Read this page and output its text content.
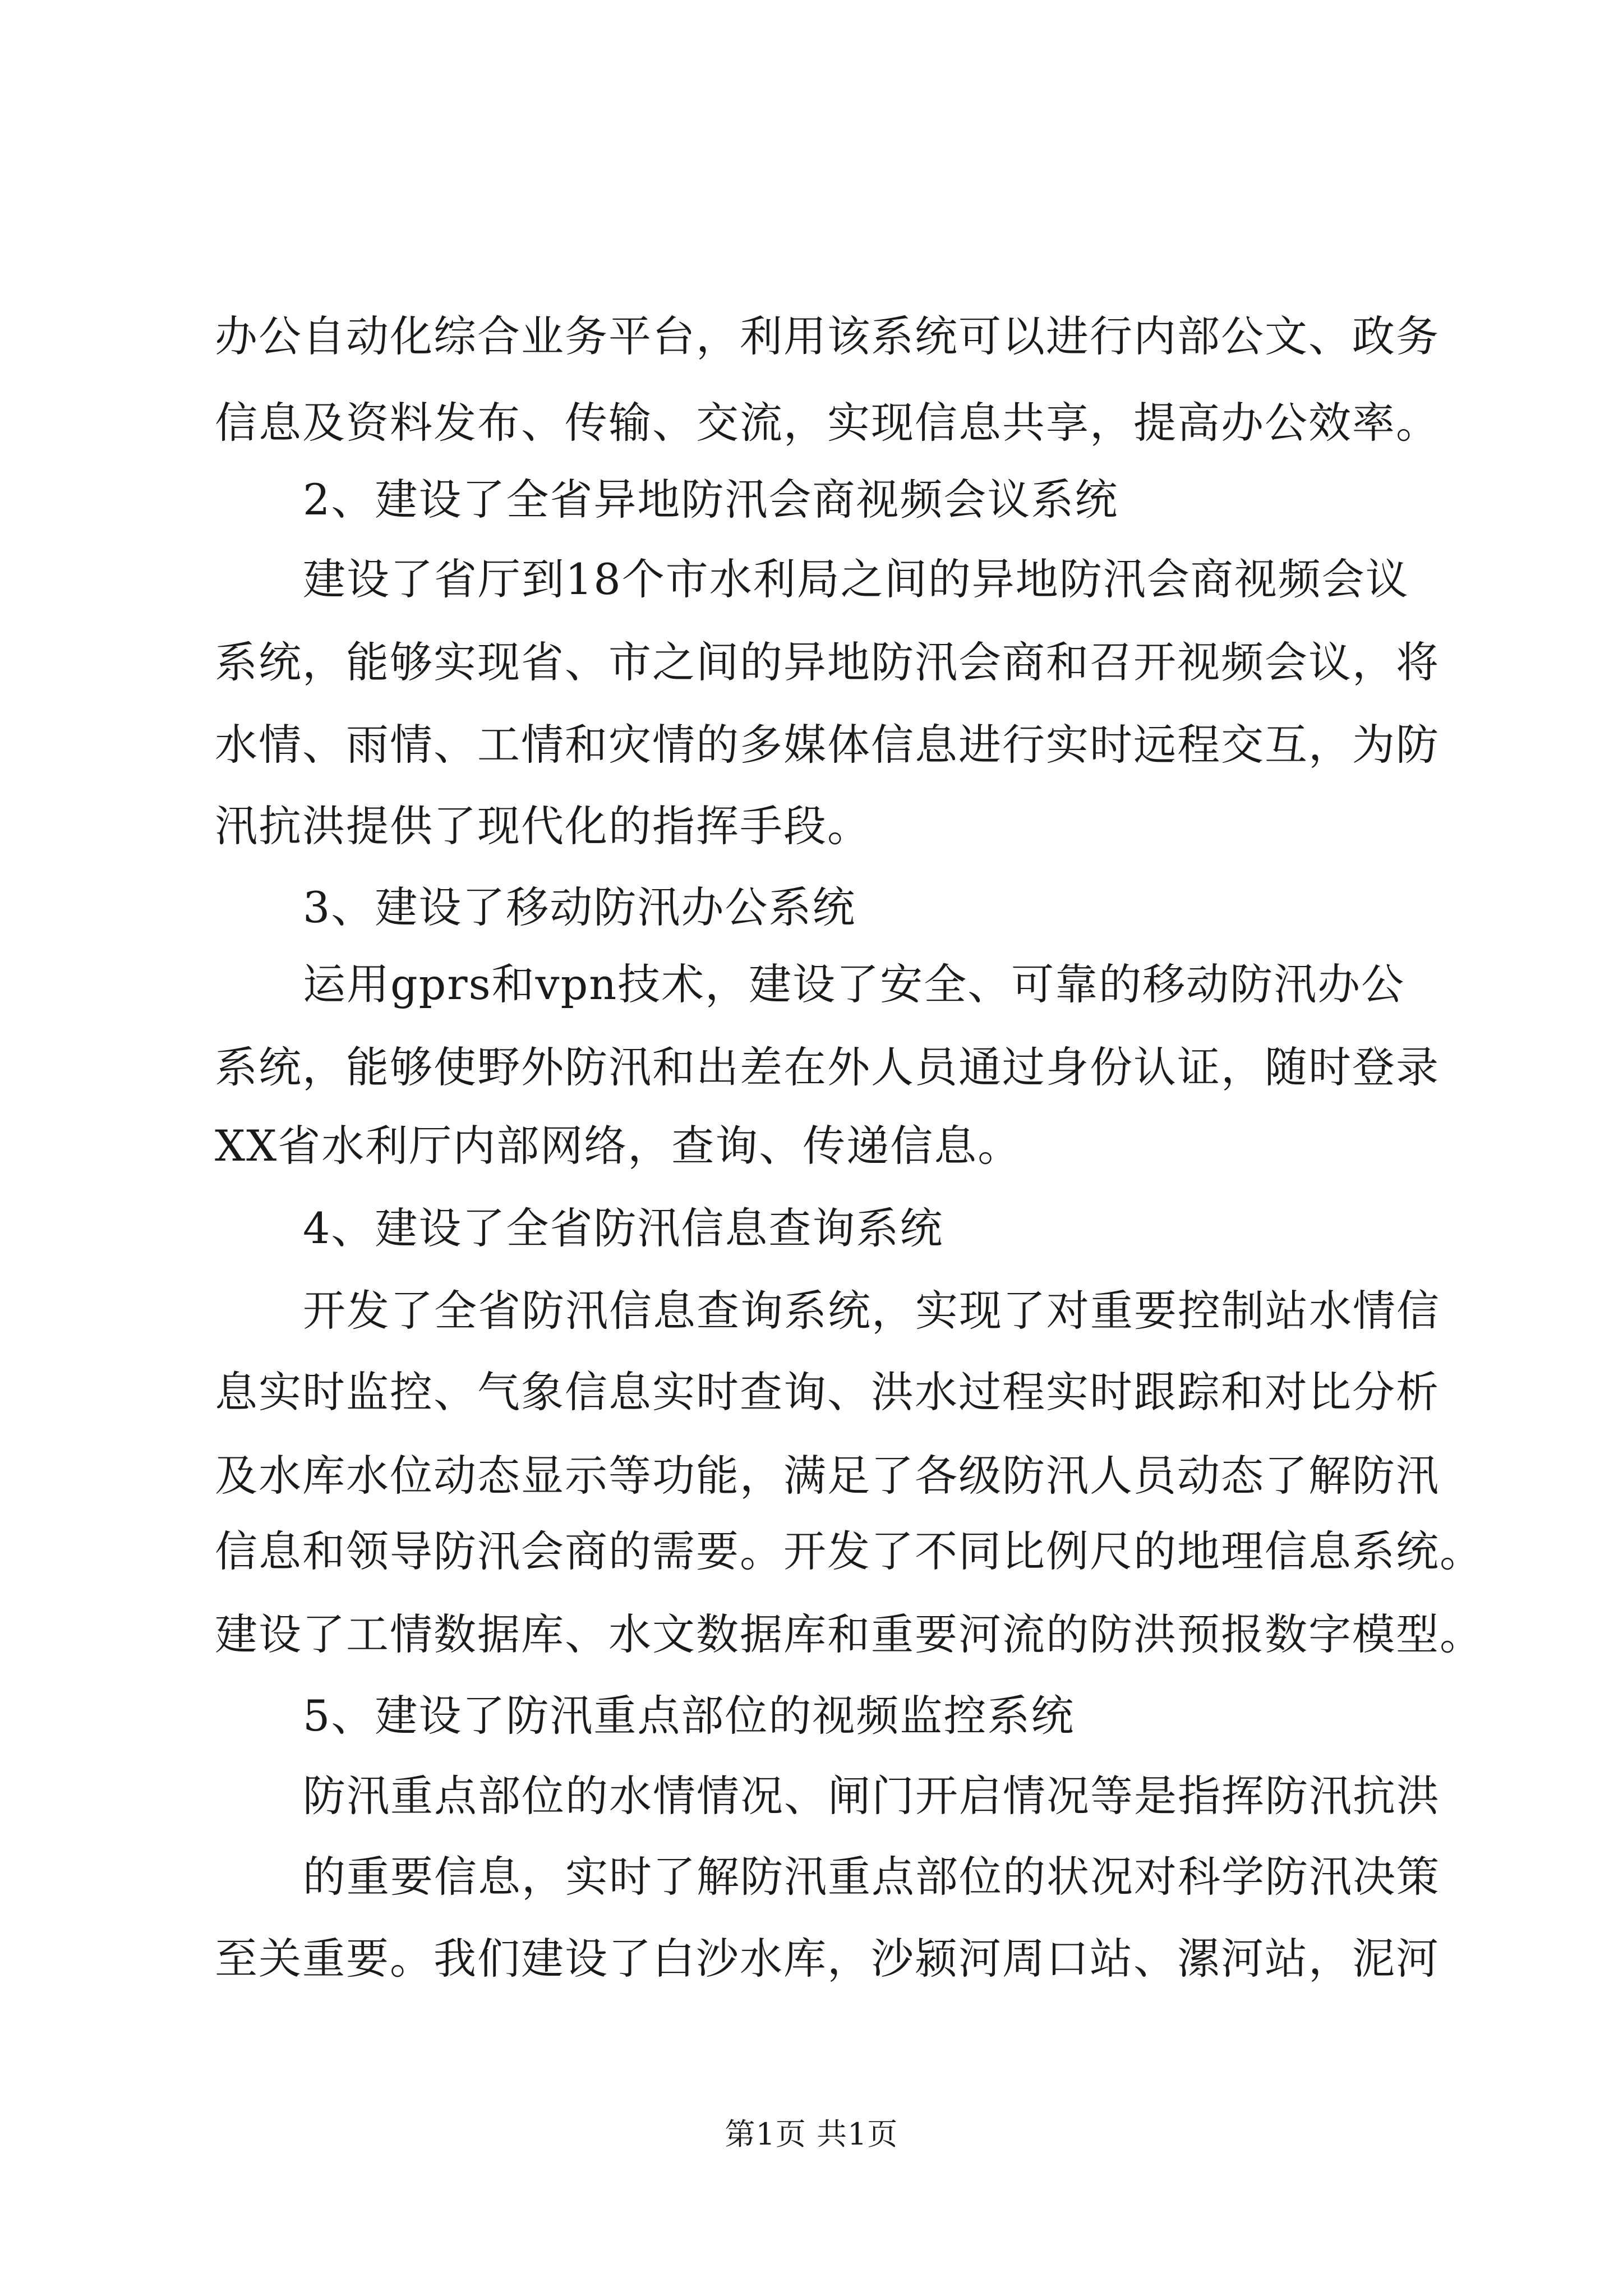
办公自动化综合业务平台，利用该系统可以进行内部公文、政务
信息及资料发布、传输、交流，实现信息共享，提高办公效率。
2、建设了全省异地防汛会商视频会议系统
建设了省厅到18个市水利局之间的异地防汛会商视频会议
系统，能够实现省、市之间的异地防汛会商和召开视频会议，将
水情、雨情、工情和灾情的多媒体信息进行实时远程交互，为防
汛抗洪提供了现代化的指挥手段。
3、建设了移动防汛办公系统
运用gprs和vpn技术，建设了安全、可靠的移动防汛办公
系统，能够使野外防汛和出差在外人员通过身份认证，随时登录
XX省水利厅内部网络，查询、传递信息。
4、建设了全省防汛信息查询系统
开发了全省防汛信息查询系统，实现了对重要控制站水情信
息实时监控、气象信息实时查询、洪水过程实时跟踪和对比分析
及水库水位动态显示等功能，满足了各级防汛人员动态了解防汛
信息和领导防汛会商的需要。开发了不同比例尺的地理信息系统。
建设了工情数据库、水文数据库和重要河流的防洪预报数字模型。
5、建设了防汛重点部位的视频监控系统
防汛重点部位的水情情况、闸门开启情况等是指挥防汛抗洪
的重要信息，实时了解防汛重点部位的状况对科学防汛决策
至关重要。我们建设了白沙水库，沙颍河周口站、漯河站，泥河
第1页 共1页
